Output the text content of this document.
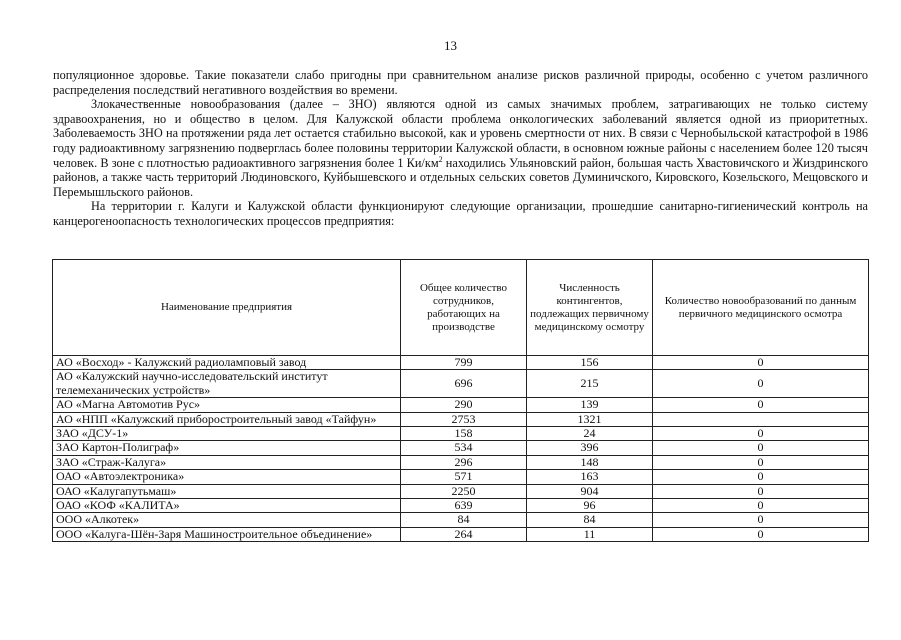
13

популяционное здоровье. Такие показатели слабо пригодны при сравнительном анализе рисков различной природы, особенно с учетом различного распределения последствий негативного воздействия во времени.

Злокачественные новообразования (далее – ЗНО) являются одной из самых значимых проблем, затрагивающих не только систему здравоохранения, но и общество в целом. Для Калужской области проблема онкологических заболеваний является одной из приоритетных. Заболеваемость ЗНО на протяжении ряда лет остается стабильно высокой, как и уровень смертности от них. В связи с Чернобыльской катастрофой в 1986 году радиоактивному загрязнению подверглась более половины территории Калужской области, в основном южные районы с населением более 120 тысяч человек. В зоне с плотностью радиоактивного загрязнения более 1 $Ки/км^2$ находились Ульяновский район, большая часть Хвастовичского и Жиздринского районов, а также часть территорий Людиновского, Куйбышевского и отдельных сельских советов Думиничского, Кировского, Козельского, Мещовского и Перемышльского районов.

На территории г. Калуги и Калужской области функционируют следующие организации, прошедшие санитарно-гигиенический контроль на канцерогеноопасность технологических процессов предприятия:

Наименование предприятия	Общее количество сотрудников, работающих на производстве	Численность контингентов, подлежащих первичному медицинскому осмотру	Количество новообразований по данным первичного медицинского осмотра
АО «Восход» - Калужский радиоламповый завод	799	156	0
АО «Калужский научно-исследовательский институт телемеханических устройств»	696	215	0
АО «Магна Автомотив Рус»	290	139	0
АО «НПП «Калужский приборостроительный завод «Тайфун»	2753	1321	
ЗАО «ДСУ-1»	158	24	0
ЗАО Картон-Полиграф»	534	396	0
ЗАО «Страж-Калуга»	296	148	0
ОАО «Автоэлектроника»	571	163	0
ОАО «Калугапутьмаш»	2250	904	0
ОАО «КОФ «КАЛИТА»	639	96	0
ООО «Алкотек»	84	84	0
ООО «Калуга-Шён-Заря Машиностроительное объединение»	264	11	0
